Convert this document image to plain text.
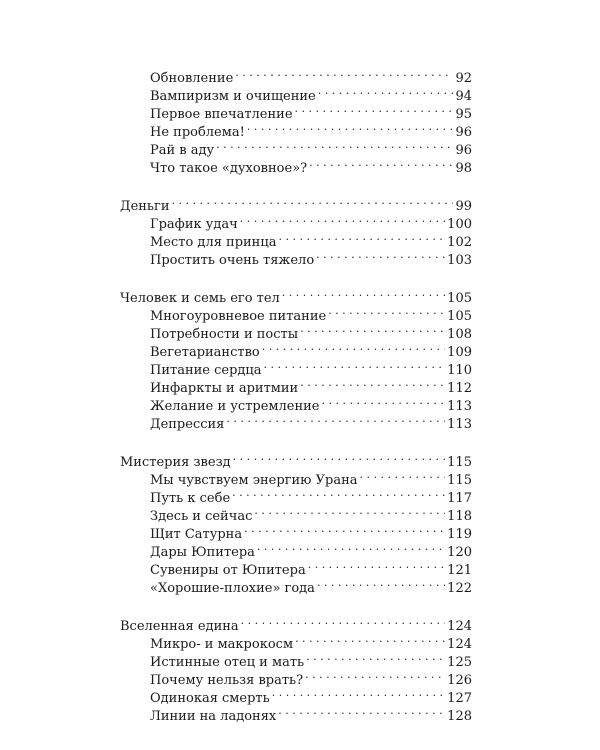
Обновление . . .	92
Вампиризм и очищение . . .	94
Первое впечатление . . .	95
Не проблема! . . .	96
Рай в аду . . .	96
Что такое «духовное»? . . .	98
Деньги . . .	99
График удач . . .	100
Место для принца . . .	102
Простить очень тяжело . . .	103
Человек и семь его тел . . .	105
Многоуровневое питание . . .	105
Потребности и посты . . .	108
Вегетарианство . . .	109
Питание сердца . . .	110
Инфаркты и аритмии . . .	112
Желание и устремление . . .	113
Депрессия . . .	113
Мистерия звезд . . .	115
Мы чувствуем энергию Урана . . .	115
Путь к себе . . .	117
Здесь и сейчас . . .	118
Щит Сатурна . . .	119
Дары Юпитера . . .	120
Сувениры от Юпитера . . .	121
«Хорошие-плохие» года . . .	122
Вселенная едина . . .	124
Микро- и макрокосм . . .	124
Истинные отец и мать . . .	125
Почему нельзя врать? . . .	126
Одинокая смерть . . .	127
Линии на ладонях . . .	128
